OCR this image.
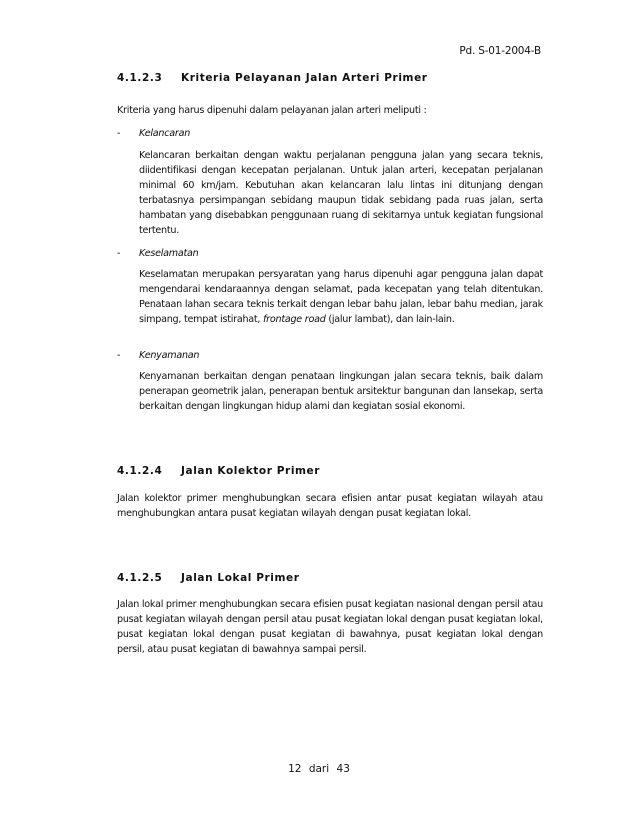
Pd. S-01-2004-B
4.1.2.3 Kriteria Pelayanan Jalan Arteri Primer
Kriteria yang harus dipenuhi dalam pelayanan jalan arteri meliputi :
- Kelancaran
Kelancaran berkaitan dengan waktu perjalanan pengguna jalan yang secara teknis, diidentifikasi dengan kecepatan perjalanan. Untuk jalan arteri, kecepatan perjalanan minimal 60 km/jam. Kebutuhan akan kelancaran lalu lintas ini ditunjang dengan terbatasnya persimpangan sebidang maupun tidak sebidang pada ruas jalan, serta hambatan yang disebabkan penggunaan ruang di sekitarnya untuk kegiatan fungsional tertentu.
- Keselamatan
Keselamatan merupakan persyaratan yang harus dipenuhi agar pengguna jalan dapat mengendarai kendaraannya dengan selamat, pada kecepatan yang telah ditentukan. Penataan lahan secara teknis terkait dengan lebar bahu jalan, lebar bahu median, jarak simpang, tempat istirahat, frontage road (jalur lambat), dan lain-lain.
- Kenyamanan
Kenyamanan berkaitan dengan penataan lingkungan jalan secara teknis, baik dalam penerapan geometrik jalan, penerapan bentuk arsitektur bangunan dan lansekap, serta berkaitan dengan lingkungan hidup alami dan kegiatan sosial ekonomi.
4.1.2.4 Jalan Kolektor Primer
Jalan kolektor primer menghubungkan secara efisien antar pusat kegiatan wilayah atau menghubungkan antara pusat kegiatan wilayah dengan pusat kegiatan lokal.
4.1.2.5 Jalan Lokal Primer
Jalan lokal primer menghubungkan secara efisien pusat kegiatan nasional dengan persil atau pusat kegiatan wilayah dengan persil atau pusat kegiatan lokal dengan pusat kegiatan lokal, pusat kegiatan lokal dengan pusat kegiatan di bawahnya, pusat kegiatan lokal dengan persil, atau pusat kegiatan di bawahnya sampai persil.
12 dari 43
